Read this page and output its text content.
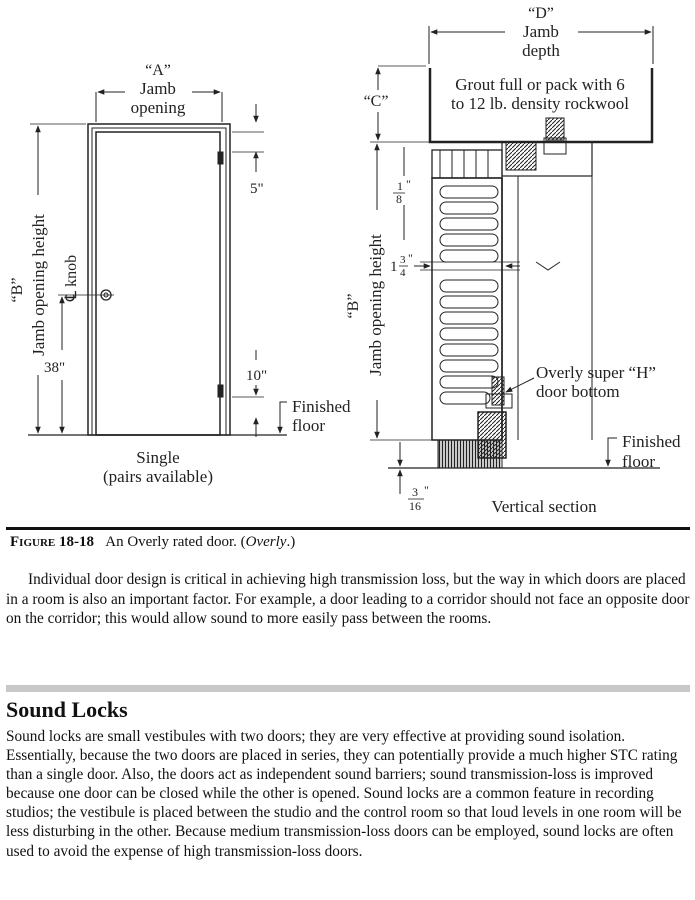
“A”
Jamb
opening
5"
38"	10"
Finished
floor
Single
(pairs available)
“B” Jamb opening height ℄ knob
“D”
Jamb
depth
“C”
Grout full or pack with 6
to 12 lb. density rockwool
1
8
"
1 3
4
"
“B” Jamb opening height	Overly super “H”
door bottom
Finished
floor
3
16
"
Vertical section
Figure 18-18 An Overly rated door. (Overly.)

Individual door design is critical in achieving high transmission loss, but the way in which doors are placed in a room is also an important factor. For example, a door leading to a corridor should not face an opposite door on the corridor; this would allow sound to more easily pass between the rooms.

Sound Locks

Sound locks are small vestibules with two doors; they are very effective at providing sound isolation. Essentially, because the two doors are placed in series, they can potentially provide a much higher STC rating than a single door. Also, the doors act as independent sound barriers; sound transmission-loss is improved because one door can be closed while the other is opened. Sound locks are a common feature in recording studios; the vestibule is placed between the studio and the control room so that loud levels in one room will be less disturbing in the other. Because medium transmission-loss doors can be employed, sound locks are often used to avoid the expense of high transmission-loss doors.
